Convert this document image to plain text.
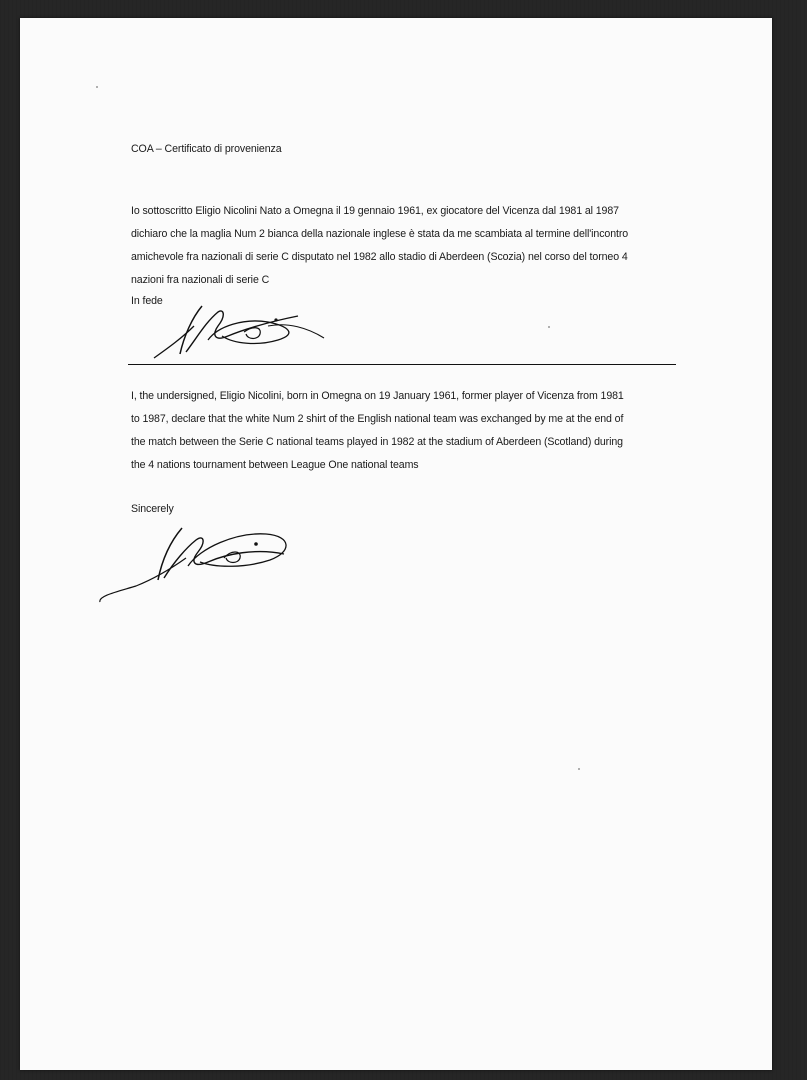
COA – Certificato di provenienza
Io sottoscritto Eligio Nicolini Nato a Omegna il 19 gennaio 1961, ex giocatore del Vicenza dal 1981 al 1987
dichiaro che la maglia Num 2 bianca della nazionale inglese è stata da me scambiata al termine dell'incontro
amichevole fra nazionali di serie C disputato nel 1982 allo stadio di Aberdeen (Scozia) nel corso del torneo 4
nazioni fra nazionali di serie C
In fede
I, the undersigned, Eligio Nicolini, born in Omegna on 19 January 1961, former player of Vicenza from 1981
to 1987, declare that the white Num 2 shirt of the English national team was exchanged by me at the end of
the match between the Serie C national teams played in 1982 at the stadium of Aberdeen (Scotland) during
the 4 nations tournament between League One national teams
Sincerely
